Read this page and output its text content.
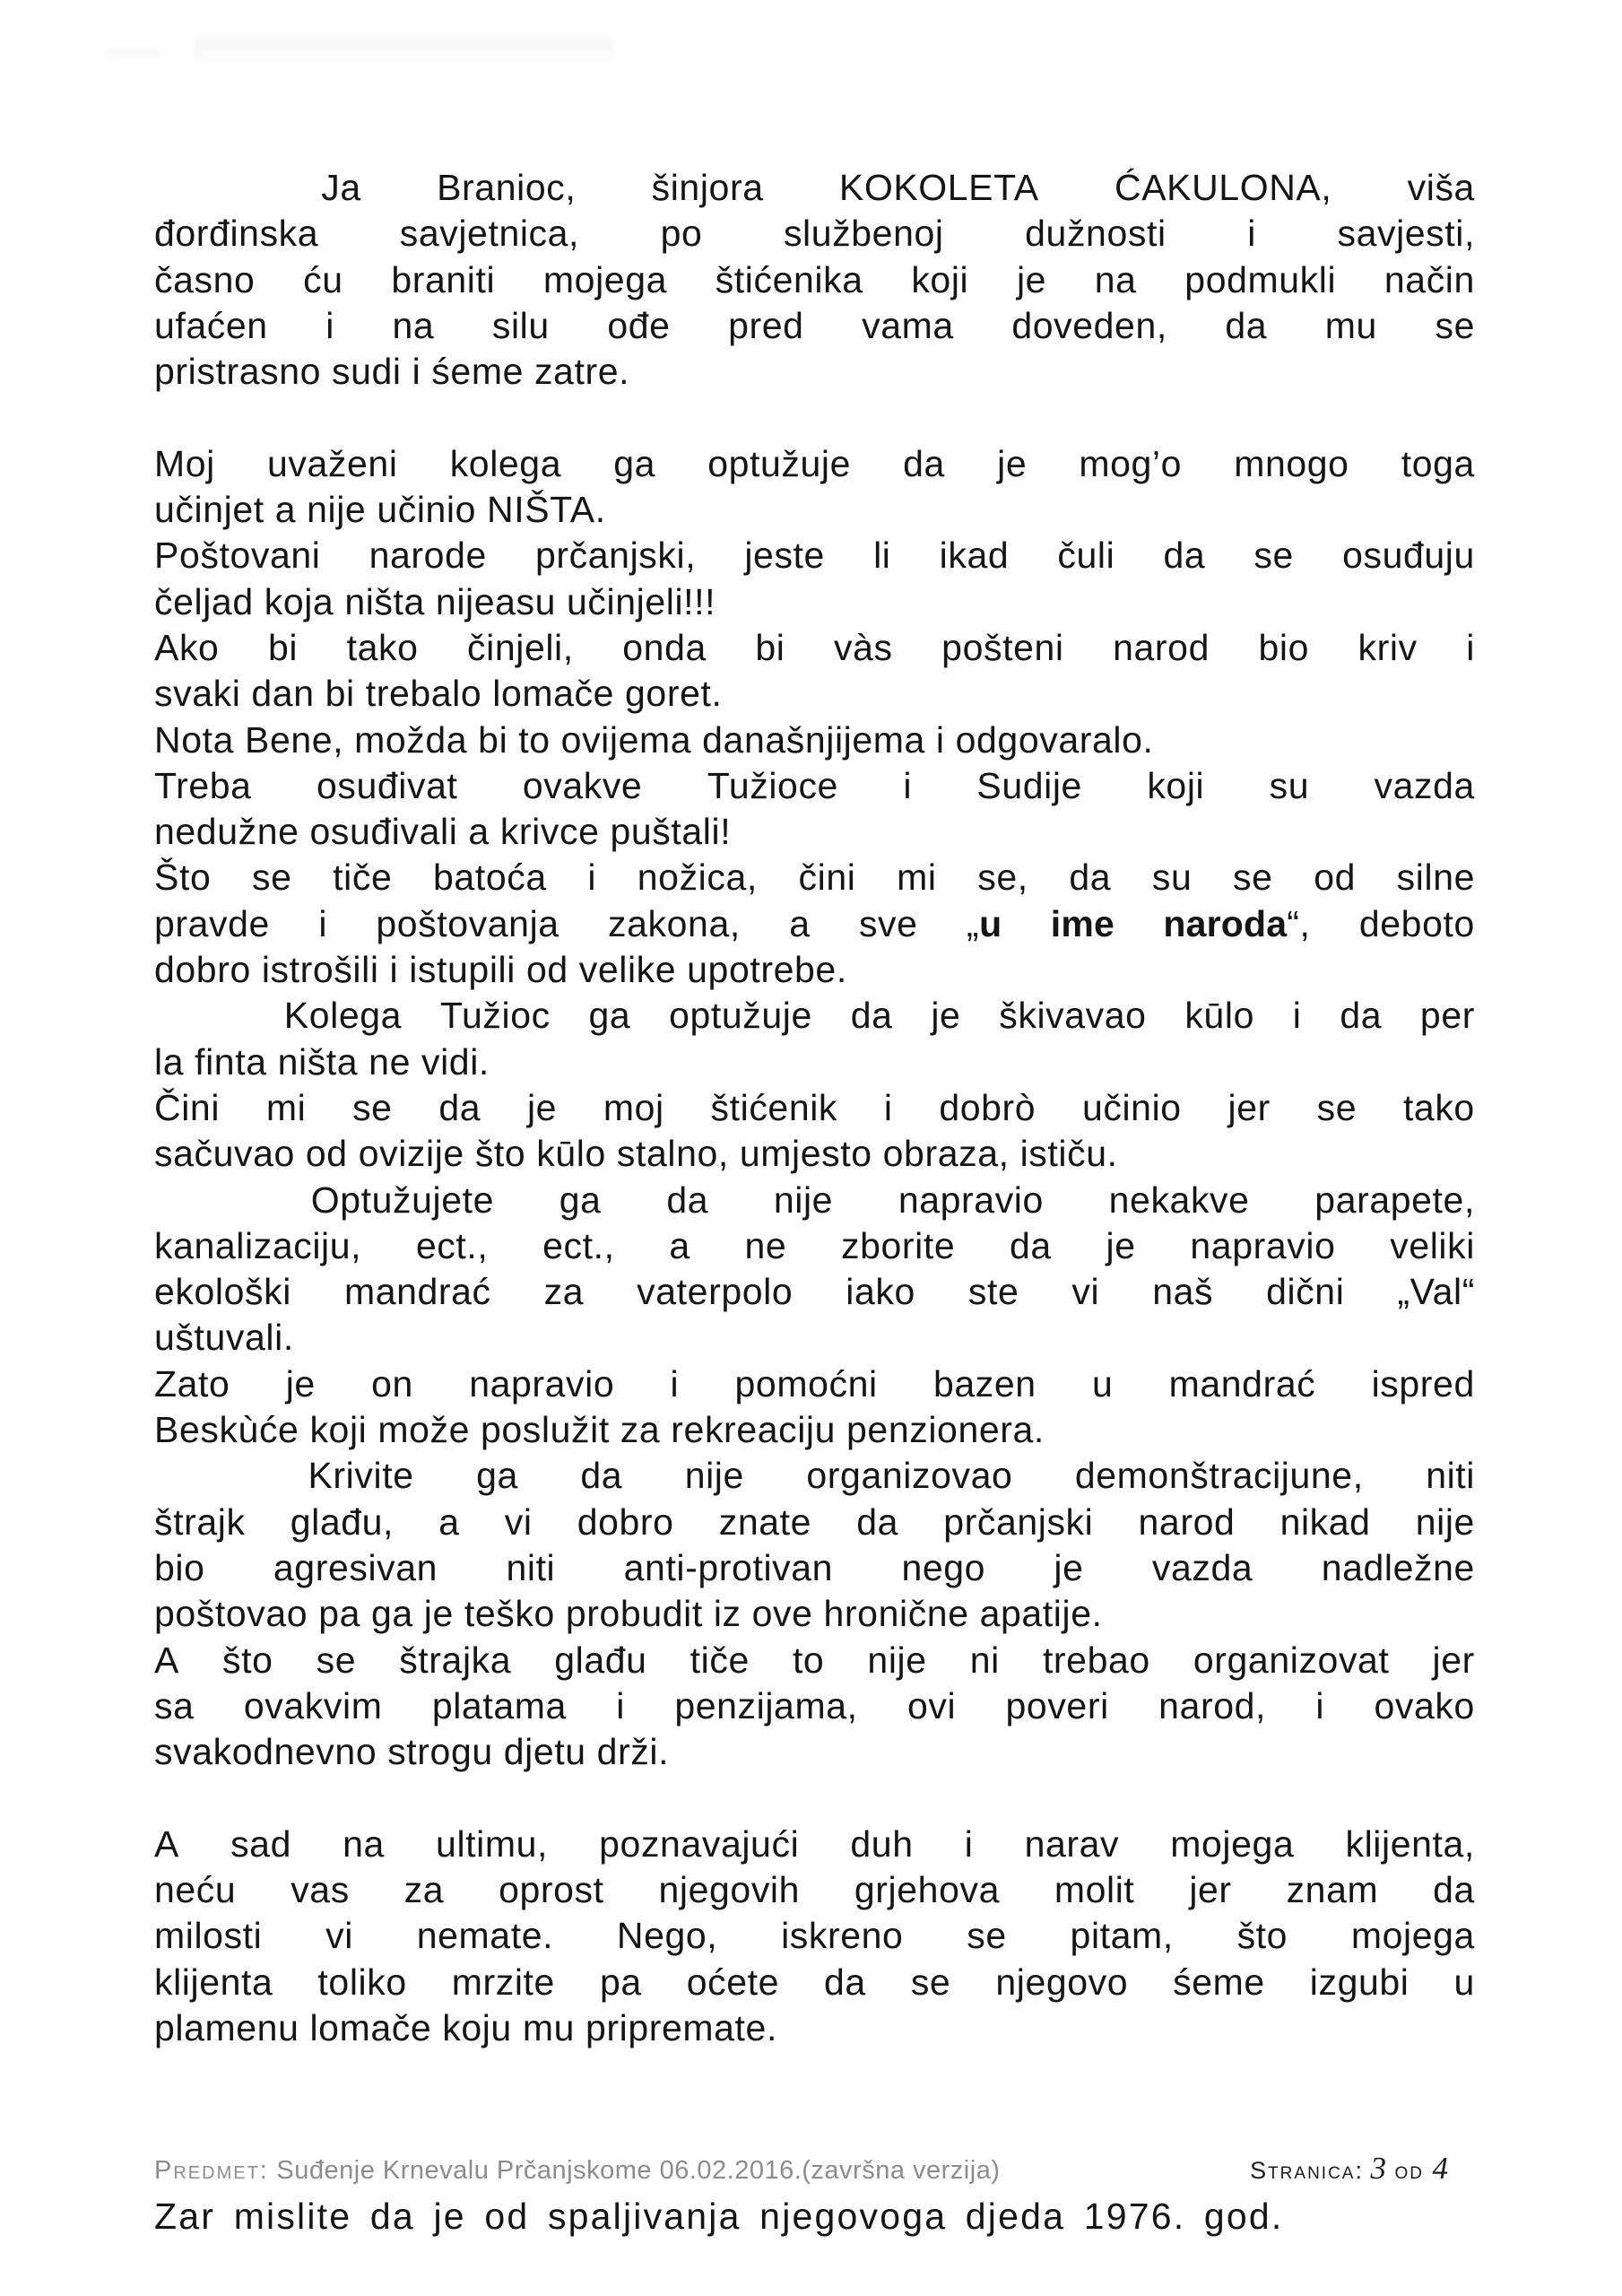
Ja Branioc, šinjora KOKOLETA ĆAKULONA, viša
đorđinska savjetnica, po službenoj dužnosti i savjesti,
časno ću braniti mojega štićenika koji je na podmukli način
ufaćen i na silu ođe pred vama doveden, da mu se
pristrasno sudi i śeme zatre.
Moj uvaženi kolega ga optužuje da je mog’o mnogo toga
učinjet a nije učinio NIŠTA.
Poštovani narode prčanjski, jeste li ikad čuli da se osuđuju
čeljad koja ništa nijeasu učinjeli!!!
Ako bi tako činjeli, onda bi vàs pošteni narod bio kriv i
svaki dan bi trebalo lomače goret.
Nota Bene, možda bi to ovijema današnjijema i odgovaralo.
Treba osuđivat ovakve Tužioce i Sudije koji su vazda
nedužne osuđivali a krivce puštali!
Što se tiče batoća i nožica, čini mi se, da su se od silne
pravde i poštovanja zakona, a sve „u ime naroda“, deboto
dobro istrošili i istupili od velike upotrebe.
Kolega Tužioc ga optužuje da je škivavao kūlo i da per
la finta ništa ne vidi.
Čini mi se da je moj štićenik i dobrò učinio jer se tako
sačuvao od ovizije što kūlo stalno, umjesto obraza, ističu.
Optužujete ga da nije napravio nekakve parapete,
kanalizaciju, ect., ect., a ne zborite da je napravio veliki
ekološki mandrać za vaterpolo iako ste vi naš dični „Val“
uštuvali.
Zato je on napravio i pomoćni bazen u mandrać ispred
Beskùće koji može poslužit za rekreaciju penzionera.
Krivite ga da nije organizovao demonštracijune, niti
štrajk glađu, a vi dobro znate da prčanjski narod nikad nije
bio agresivan niti anti-protivan nego je vazda nadležne
poštovao pa ga je teško probudit iz ove hronične apatije.
A što se štrajka glađu tiče to nije ni trebao organizovat jer
sa ovakvim platama i penzijama, ovi poveri narod, i ovako
svakodnevno strogu djetu drži.
A sad na ultimu, poznavajući duh i narav mojega klijenta,
neću vas za oprost njegovih grjehova molit jer znam da
milosti vi nemate. Nego, iskreno se pitam, što mojega
klijenta toliko mrzite pa oćete da se njegovo śeme izgubi u
plamenu lomače koju mu pripremate.
Predmet: Suđenje Krnevalu Prčanjskome 06.02.2016.(završna verzija)	Stranica: 3 od 4
Zar mislite da je od spaljivanja njegovoga djeda 1976. god.
